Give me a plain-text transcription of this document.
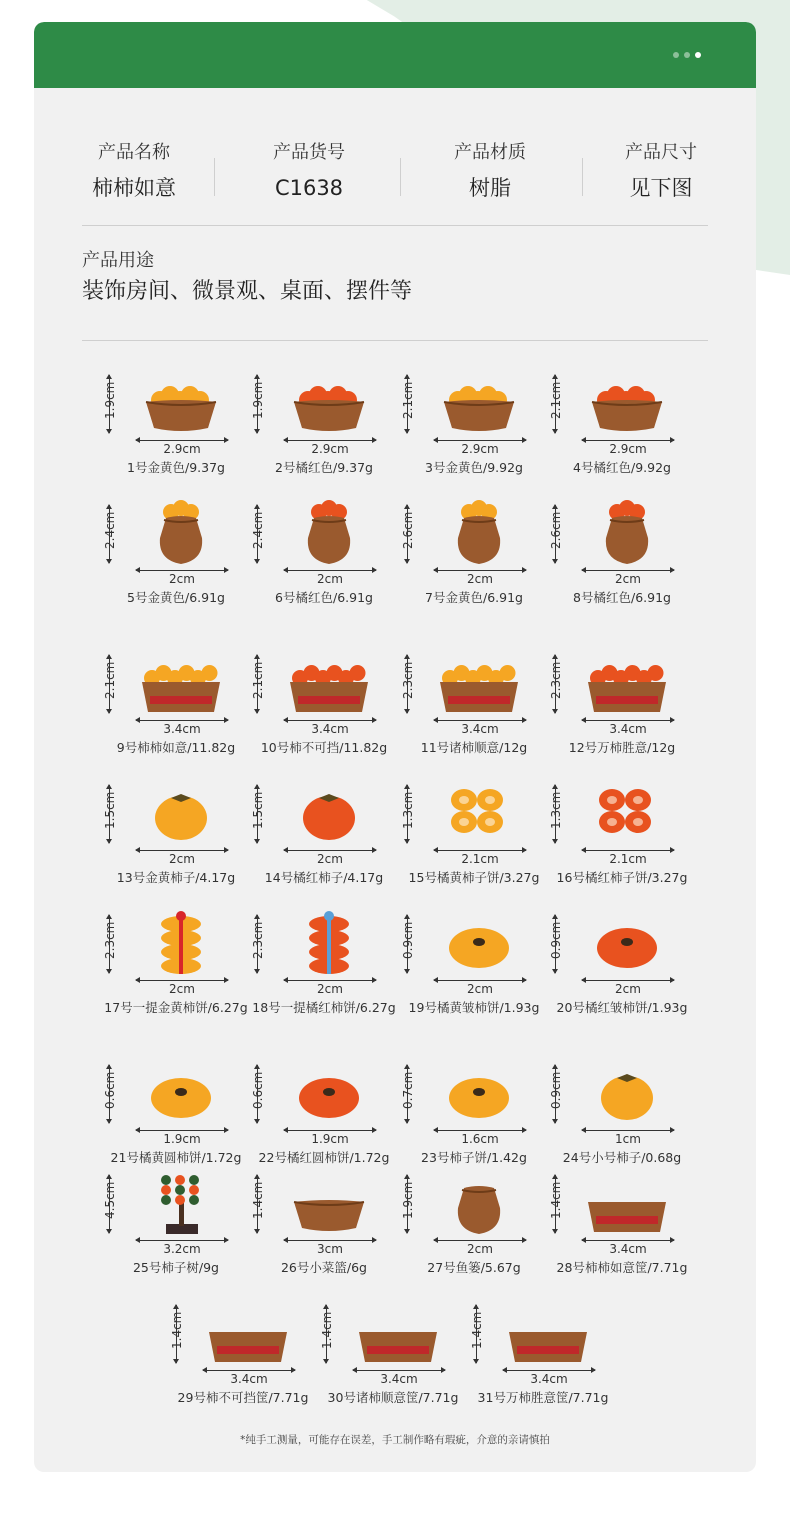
产品名称
柿柿如意
产品货号
C1638
产品材质
树脂
产品尺寸
见下图
产品用途
装饰房间、微景观、桌面、摆件等
1.9cm
2.9cm
1号金黄色/9.37g
1.9cm
2.9cm
2号橘红色/9.37g
2.1cm
2.9cm
3号金黄色/9.92g
2.1cm
2.9cm
4号橘红色/9.92g
2.4cm
2cm
5号金黄色/6.91g
2.4cm
2cm
6号橘红色/6.91g
2.6cm
2cm
7号金黄色/6.91g
2.6cm
2cm
8号橘红色/6.91g
2.1cm
3.4cm
9号柿柿如意/11.82g
2.1cm
3.4cm
10号柿不可挡/11.82g
2.3cm
3.4cm
11号诸柿顺意/12g
2.3cm
3.4cm
12号万柿胜意/12g
1.5cm
2cm
13号金黄柿子/4.17g
1.5cm
2cm
14号橘红柿子/4.17g
1.3cm
2.1cm
15号橘黄柿子饼/3.27g
1.3cm
2.1cm
16号橘红柿子饼/3.27g
2.3cm
2cm
17号一提金黄柿饼/6.27g
2.3cm
2cm
18号一提橘红柿饼/6.27g
0.9cm
2cm
19号橘黄皱柿饼/1.93g
0.9cm
2cm
20号橘红皱柿饼/1.93g
0.6cm
1.9cm
21号橘黄圆柿饼/1.72g
0.6cm
1.9cm
22号橘红圆柿饼/1.72g
0.7cm
1.6cm
23号柿子饼/1.42g
0.9cm
1cm
24号小号柿子/0.68g
4.5cm
3.2cm
25号柿子树/9g
1.4cm
3cm
26号小菜篮/6g
1.9cm
2cm
27号鱼篓/5.67g
1.4cm
3.4cm
28号柿柿如意筐/7.71g
1.4cm
3.4cm
29号柿不可挡筐/7.71g
1.4cm
3.4cm
30号诸柿顺意筐/7.71g
1.4cm
3.4cm
31号万柿胜意筐/7.71g
*纯手工测量，可能存在误差，手工制作略有瑕疵，介意的亲请慎拍
